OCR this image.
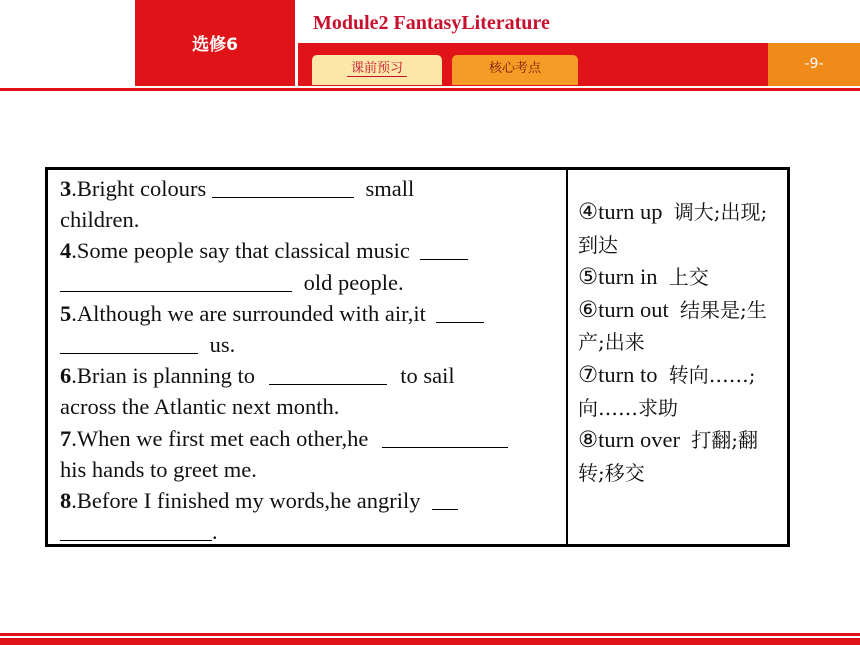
选修6
Module2 FantasyLiterature
-9-
课前预习	核心考点
3.Bright colours	small
children.
4.Some people say that classical music
old people.
5.Although we are surrounded with air,it
us.
6.Brian is planning to	to sail
across the Atlantic next month.
7.When we first met each other,he
his hands to greet me.
8.Before I finished my words,he angrily
.
④turn up 调大;出现;到达
⑤turn in 上交
⑥turn out 结果是;生产;出来
⑦turn to 转向……;向……求助
⑧turn over 打翻;翻转;移交
